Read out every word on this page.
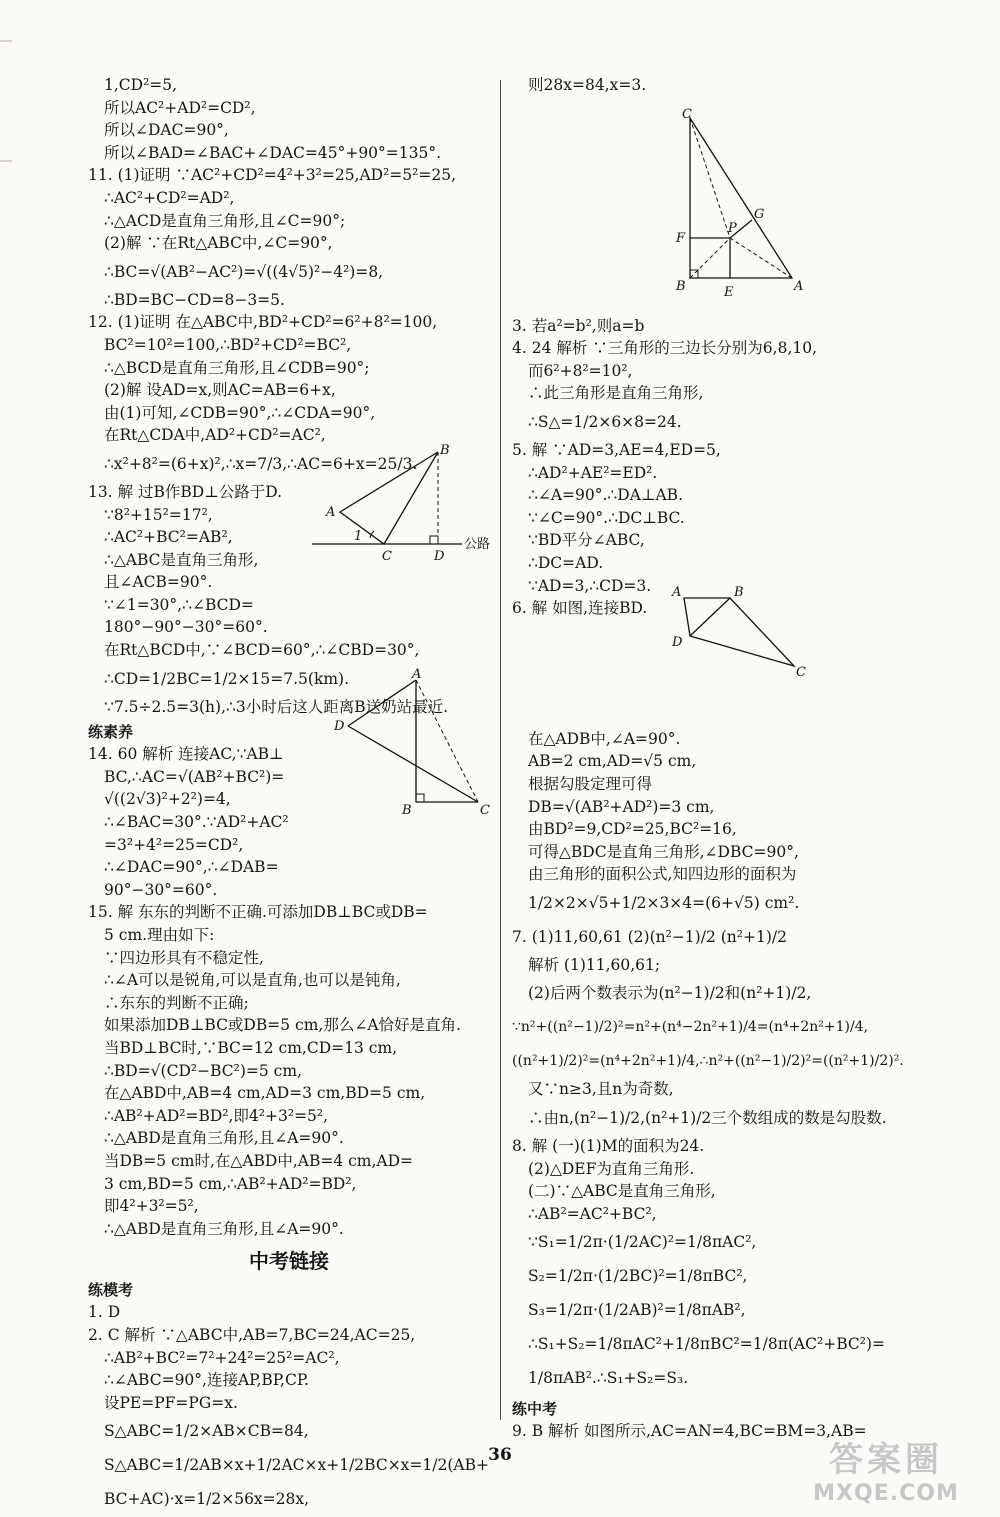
1,CD²=5,

所以AC²+AD²=CD²,

所以∠DAC=90°,

所以∠BAD=∠BAC+∠DAC=45°+90°=135°.

11. (1)证明 ∵AC²+CD²=4²+3²=25,AD²=5²=25,

∴AC²+CD²=AD²,

∴△ACD是直角三角形,且∠C=90°;

(2)解 ∵在Rt△ABC中,∠C=90°,

∴BC=√(AB²−AC²)=√((4√5)²−4²)=8,

∴BD=BC−CD=8−3=5.

12. (1)证明 在△ABC中,BD²+CD²=6²+8²=100,

BC²=10²=100,∴BD²+CD²=BC²,

∴△BCD是直角三角形,且∠CDB=90°;

(2)解 设AD=x,则AC=AB=6+x,

由(1)可知,∠CDB=90°,∴∠CDA=90°,

在Rt△CDA中,AD²+CD²=AC²,

∴x²+8²=(6+x)²,∴x=7/3,∴AC=6+x=25/3.

13. 解 过B作BD⊥公路于D.

∵8²+15²=17²,

∴AC²+BC²=AB²,

∴△ABC是直角三角形,

且∠ACB=90°.

∵∠1=30°,∴∠BCD=

180°−90°−30°=60°.

在Rt△BCD中,∵∠BCD=60°,∴∠CBD=30°,

∴CD=1/2BC=1/2×15=7.5(km).

∵7.5÷2.5=3(h),∴3小时后这人距离B送奶站最近.

练素养

14. 60 解析 连接AC,∵AB⊥

BC,∴AC=√(AB²+BC²)=

√((2√3)²+2²)=4,

∴∠BAC=30°.∵AD²+AC²

=3²+4²=25=CD²,

∴∠DAC=90°,∴∠DAB=

90°−30°=60°.

15. 解 东东的判断不正确.可添加DB⊥BC或DB=

5 cm.理由如下:

∵四边形具有不稳定性,

∴∠A可以是锐角,可以是直角,也可以是钝角,

∴东东的判断不正确;

如果添加DB⊥BC或DB=5 cm,那么∠A恰好是直角.

当BD⊥BC时,∵BC=12 cm,CD=13 cm,

∴BD=√(CD²−BC²)=5 cm,

在△ABD中,AB=4 cm,AD=3 cm,BD=5 cm,

∴AB²+AD²=BD²,即4²+3²=5²,

∴△ABD是直角三角形,且∠A=90°.

当DB=5 cm时,在△ABD中,AB=4 cm,AD=

3 cm,BD=5 cm,∴AB²+AD²=BD²,

即4²+3²=5²,

∴△ABD是直角三角形,且∠A=90°.

中考链接

练模考

1. D

2. C 解析 ∵△ABC中,AB=7,BC=24,AC=25,

∴AB²+BC²=7²+24²=25²=AC²,

∴∠ABC=90°,连接AP,BP,CP.

设PE=PF=PG=x.

S△ABC=1/2×AB×CB=84,

S△ABC=1/2AB×x+1/2AC×x+1/2BC×x=1/2(AB+

BC+AC)·x=1/2×56x=28x,

则28x=84,x=3.

3. 若a²=b²,则a=b

4. 24 解析 ∵三角形的三边长分别为6,8,10,

而6²+8²=10²,

∴此三角形是直角三角形,

∴S△=1/2×6×8=24.

5. 解 ∵AD=3,AE=4,ED=5,

∴AD²+AE²=ED².

∴∠A=90°.∴DA⊥AB.

∵∠C=90°.∴DC⊥BC.

∵BD平分∠ABC,

∴DC=AD.

∵AD=3,∴CD=3.

6. 解 如图,连接BD.

在△ADB中,∠A=90°.

AB=2 cm,AD=√5 cm,

根据勾股定理可得

DB=√(AB²+AD²)=3 cm,

由BD²=9,CD²=25,BC²=16,

可得△BDC是直角三角形,∠DBC=90°,

由三角形的面积公式,知四边形的面积为

1/2×2×√5+1/2×3×4=(6+√5) cm².

7. (1)11,60,61 (2)(n²−1)/2 (n²+1)/2

解析 (1)11,60,61;

(2)后两个数表示为(n²−1)/2和(n²+1)/2,

∵n²+((n²−1)/2)²=n²+(n⁴−2n²+1)/4=(n⁴+2n²+1)/4,

((n²+1)/2)²=(n⁴+2n²+1)/4,∴n²+((n²−1)/2)²=((n²+1)/2)².

又∵n≥3,且n为奇数,

∴由n,(n²−1)/2,(n²+1)/2三个数组成的数是勾股数.

8. 解 (一)(1)M的面积为24.

(2)△DEF为直角三角形.

(二)∵△ABC是直角三角形,

∴AB²=AC²+BC²,

∵S₁=1/2π·(1/2AC)²=1/8πAC²,

S₂=1/2π·(1/2BC)²=1/8πBC²,

S₃=1/2π·(1/2AB)²=1/8πAB²,

∴S₁+S₂=1/8πAC²+1/8πBC²=1/8π(AC²+BC²)=

1/8πAB².∴S₁+S₂=S₃.

练中考

9. B 解析 如图所示,AC=AN=4,BC=BM=3,AB=

B
A
1
C	D
公路
A
D
B	C
C
G
P
F
B	E	A
A	B
D
C
36	答案圈
MXQE.COM
